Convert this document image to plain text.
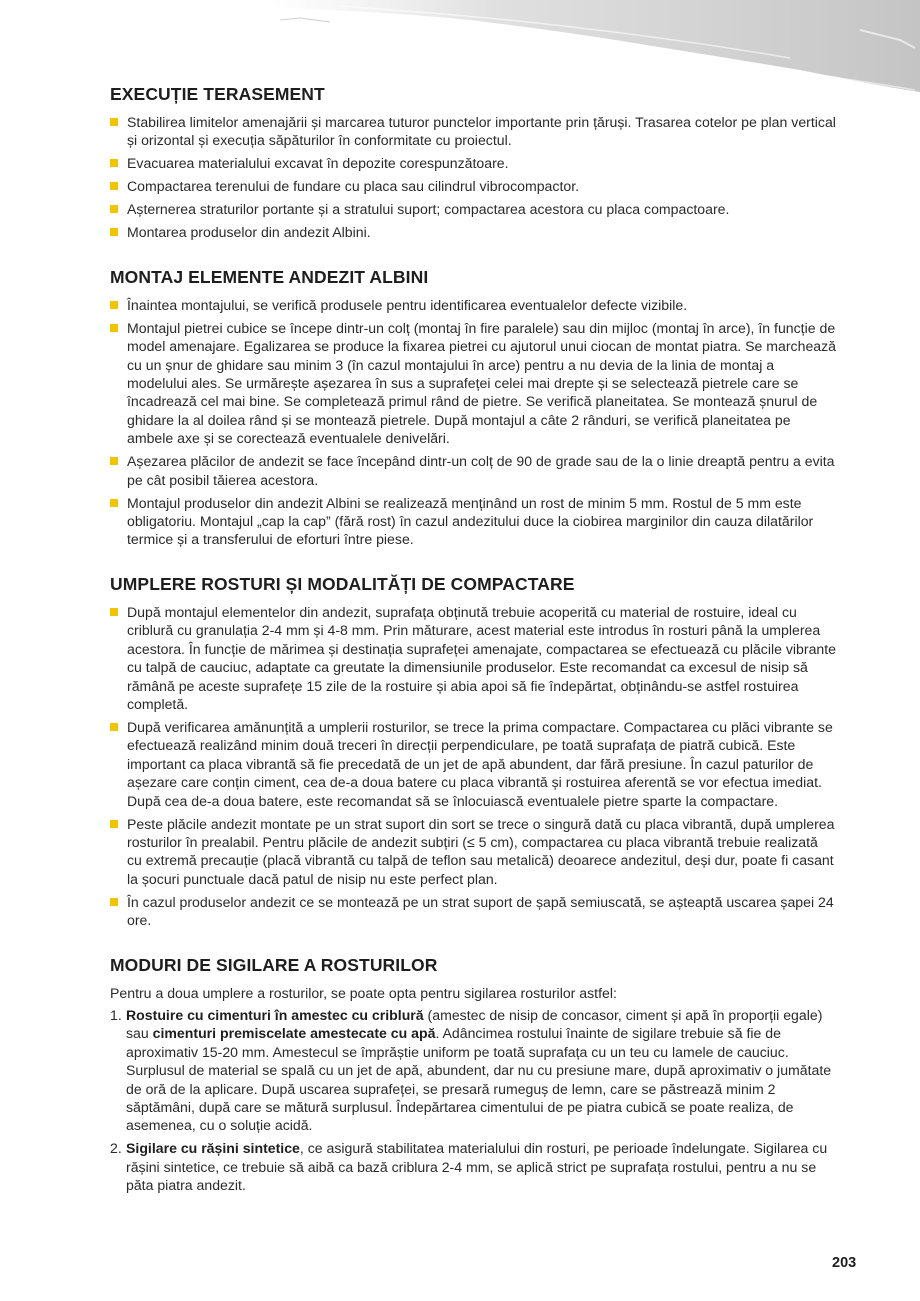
EXECUȚIE TERASEMENT
Stabilirea limitelor amenajării și marcarea tuturor punctelor importante prin țăruși. Trasarea cotelor pe plan vertical și orizontal și execuția săpăturilor în conformitate cu proiectul.
Evacuarea materialului excavat în depozite corespunzătoare.
Compactarea terenului de fundare cu placa sau cilindrul vibrocompactor.
Așternerea straturilor portante și a stratului suport; compactarea acestora cu placa compactoare.
Montarea produselor din andezit Albini.
MONTAJ ELEMENTE ANDEZIT ALBINI
Înaintea montajului, se verifică produsele pentru identificarea eventualelor defecte vizibile.
Montajul pietrei cubice se începe dintr-un colț (montaj în fire paralele) sau din mijloc (montaj în arce), în funcție de model amenajare. Egalizarea se produce la fixarea pietrei cu ajutorul unui ciocan de montat piatra. Se marchează cu un șnur de ghidare sau minim 3 (în cazul montajului în arce) pentru a nu devia de la linia de montaj a modelului ales. Se urmărește așezarea în sus a suprafeței celei mai drepte și se selectează pietrele care se încadrează cel mai bine. Se completează primul rând de pietre. Se verifică planeitatea. Se montează șnurul de ghidare la al doilea rând și se montează pietrele. După montajul a câte 2 rânduri, se verifică planeitatea pe ambele axe și se corectează eventualele denivelări.
Așezarea plăcilor de andezit se face începând dintr-un colț de 90 de grade sau de la o linie dreaptă pentru a evita pe cât posibil tăierea acestora.
Montajul produselor din andezit Albini se realizează menținând un rost de minim 5 mm. Rostul de 5 mm este obligatoriu. Montajul „cap la cap” (fără rost) în cazul andezitului duce la ciobirea marginilor din cauza dilatărilor termice și a transferului de eforturi între piese.
UMPLERE ROSTURI ȘI MODALITĂȚI DE COMPACTARE
După montajul elementelor din andezit, suprafața obținută trebuie acoperită cu material de rostuire, ideal cu criblură cu granulația 2-4 mm și 4-8 mm. Prin măturare, acest material este introdus în rosturi până la umplerea acestora. În funcție de mărimea și destinația suprafeței amenajate, compactarea se efectuează cu plăcile vibrante cu talpă de cauciuc, adaptate ca greutate la dimensiunile produselor. Este recomandat ca excesul de nisip să rămână pe aceste suprafețe 15 zile de la rostuire și abia apoi să fie îndepărtat, obținându-se astfel rostuirea completă.
După verificarea amănunțită a umplerii rosturilor, se trece la prima compactare. Compactarea cu plăci vibrante se efectuează realizând minim două treceri în direcții perpendiculare, pe toată suprafața de piatră cubică. Este important ca placa vibrantă să fie precedată de un jet de apă abundent, dar fără presiune. În cazul paturilor de așezare care conțin ciment, cea de-a doua batere cu placa vibrantă și rostuirea aferentă se vor efectua imediat. După cea de-a doua batere, este recomandat să se înlocuiască eventualele pietre sparte la compactare.
Peste plăcile andezit montate pe un strat suport din sort se trece o singură dată cu placa vibrantă, după umplerea rosturilor în prealabil. Pentru plăcile de andezit subțiri (≤ 5 cm), compactarea cu placa vibrantă trebuie realizată cu extremă precauție (placă vibrantă cu talpă de teflon sau metalică) deoarece andezitul, deși dur, poate fi casant la șocuri punctuale dacă patul de nisip nu este perfect plan.
În cazul produselor andezit ce se montează pe un strat suport de șapă semiuscată, se așteaptă uscarea șapei 24 ore.
MODURI DE SIGILARE A ROSTURILOR

Pentru a doua umplere a rosturilor, se poate opta pentru sigilarea rosturilor astfel:

1. Rostuire cu cimenturi în amestec cu criblură (amestec de nisip de concasor, ciment și apă în proporții egale) sau cimenturi premiscelate amestecate cu apă. Adâncimea rostului înainte de sigilare trebuie să fie de aproximativ 15-20 mm. Amestecul se împrăștie uniform pe toată suprafața cu un teu cu lamele de cauciuc. Surplusul de material se spală cu un jet de apă, abundent, dar nu cu presiune mare, după aproximativ o jumătate de oră de la aplicare. După uscarea suprafeței, se presară rumeguș de lemn, care se păstrează minim 2 săptămâni, după care se mătură surplusul. Îndepărtarea cimentului de pe piatra cubică se poate realiza, de asemenea, cu o soluție acidă.
2. Sigilare cu rășini sintetice, ce asigură stabilitatea materialului din rosturi, pe perioade îndelungate. Sigilarea cu rășini sintetice, ce trebuie să aibă ca bază criblura 2-4 mm, se aplică strict pe suprafața rostului, pentru a nu se păta piatra andezit.
203
